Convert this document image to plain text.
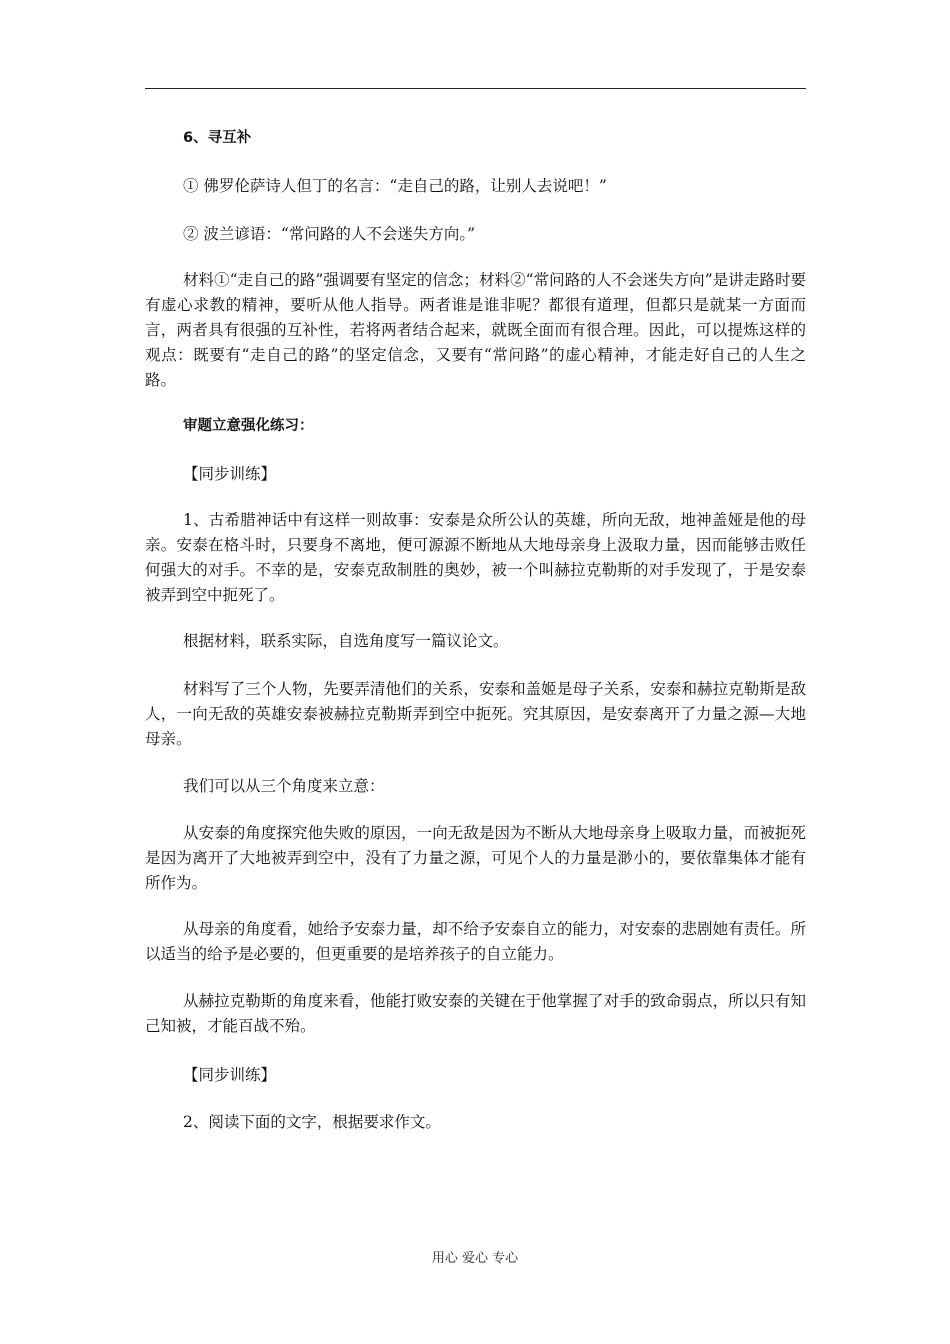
6、寻互补
① 佛罗伦萨诗人但丁的名言：“走自己的路，让别人去说吧！”
② 波兰谚语：“常问路的人不会迷失方向。”
材料①“走自己的路”强调要有坚定的信念；材料②“常问路的人不会迷失方向”是讲走路时要有虚心求教的精神，要听从他人指导。两者谁是谁非呢？都很有道理，但都只是就某一方面而言，两者具有很强的互补性，若将两者结合起来，就既全面而有很合理。因此，可以提炼这样的观点：既要有“走自己的路”的坚定信念，又要有“常问路”的虚心精神，才能走好自己的人生之路。
审题立意强化练习：
【同步训练】
1、古希腊神话中有这样一则故事：安泰是众所公认的英雄，所向无敌，地神盖娅是他的母亲。安泰在格斗时，只要身不离地，便可源源不断地从大地母亲身上汲取力量，因而能够击败任何强大的对手。不幸的是，安泰克敌制胜的奥妙，被一个叫赫拉克勒斯的对手发现了，于是安泰被弄到空中扼死了。
根据材料，联系实际，自选角度写一篇议论文。
材料写了三个人物，先要弄清他们的关系，安泰和盖姬是母子关系，安泰和赫拉克勒斯是敌人，一向无敌的英雄安泰被赫拉克勒斯弄到空中扼死。究其原因，是安泰离开了力量之源—大地母亲。
我们可以从三个角度来立意：
从安泰的角度探究他失败的原因，一向无敌是因为不断从大地母亲身上吸取力量，而被扼死是因为离开了大地被弄到空中，没有了力量之源，可见个人的力量是渺小的，要依靠集体才能有所作为。
从母亲的角度看，她给予安泰力量，却不给予安泰自立的能力，对安泰的悲剧她有责任。所以适当的给予是必要的，但更重要的是培养孩子的自立能力。
从赫拉克勒斯的角度来看，他能打败安泰的关键在于他掌握了对手的致命弱点，所以只有知己知被，才能百战不殆。
【同步训练】
2、阅读下面的文字，根据要求作文。
用心 爱心 专心
